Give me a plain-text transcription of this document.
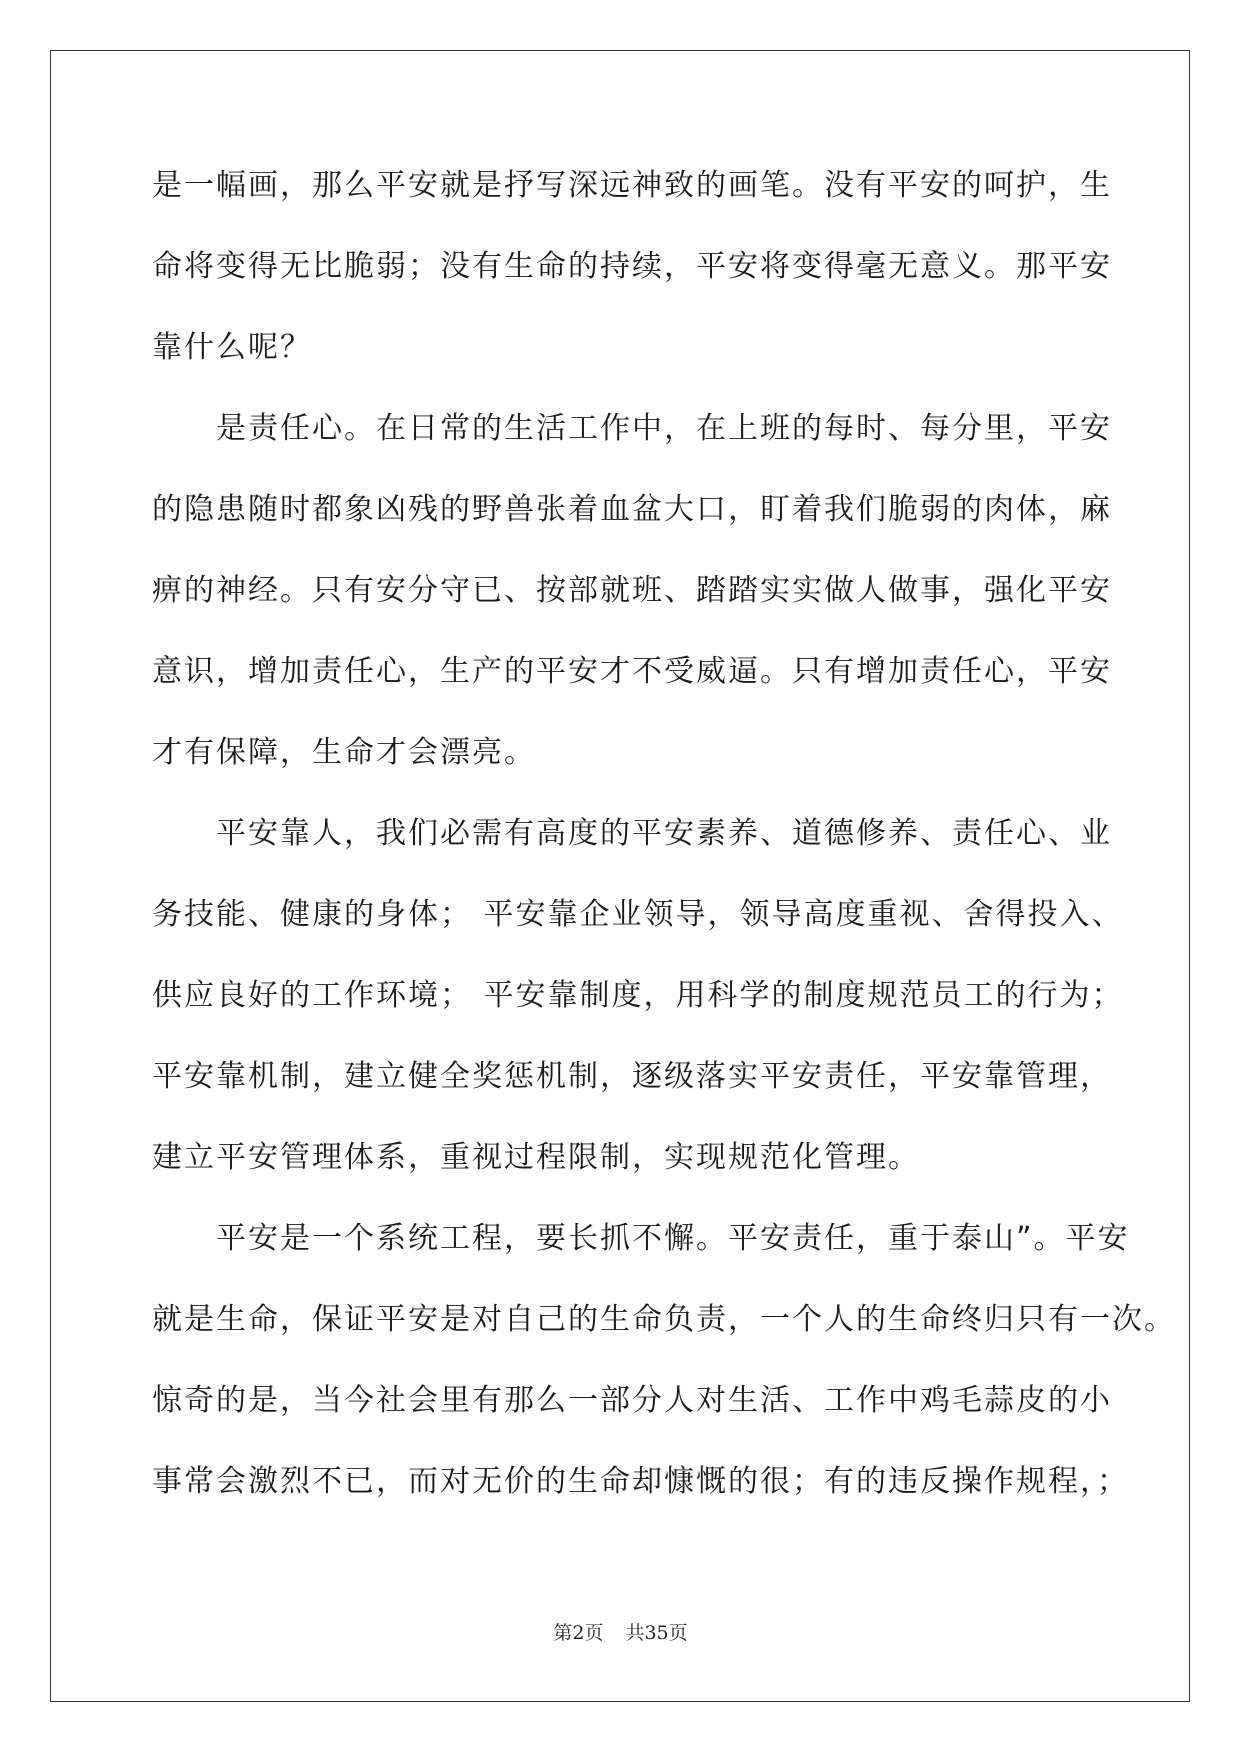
是一幅画，那么平安就是抒写深远神致的画笔。没有平安的呵护，生
命将变得无比脆弱；没有生命的持续，平安将变得毫无意义。那平安
靠什么呢？
是责任心。在日常的生活工作中，在上班的每时、每分里，平安
的隐患随时都象凶残的野兽张着血盆大口，盯着我们脆弱的肉体，麻
痹的神经。只有安分守已、按部就班、踏踏实实做人做事，强化平安
意识，增加责任心，生产的平安才不受威逼。只有增加责任心，平安
才有保障，生命才会漂亮。
平安靠人，我们必需有高度的平安素养、道德修养、责任心、业
务技能、健康的身体； 平安靠企业领导，领导高度重视、舍得投入、
供应良好的工作环境； 平安靠制度，用科学的制度规范员工的行为；
平安靠机制，建立健全奖惩机制，逐级落实平安责任，平安靠管理，
建立平安管理体系，重视过程限制，实现规范化管理。
平安是一个系统工程，要长抓不懈。平安责任，重于泰山”。平安
就是生命，保证平安是对自己的生命负责，一个人的生命终归只有一次。
惊奇的是，当今社会里有那么一部分人对生活、工作中鸡毛蒜皮的小
事常会激烈不已，而对无价的生命却慷慨的很；有的违反操作规程，；
第2页 共35页
